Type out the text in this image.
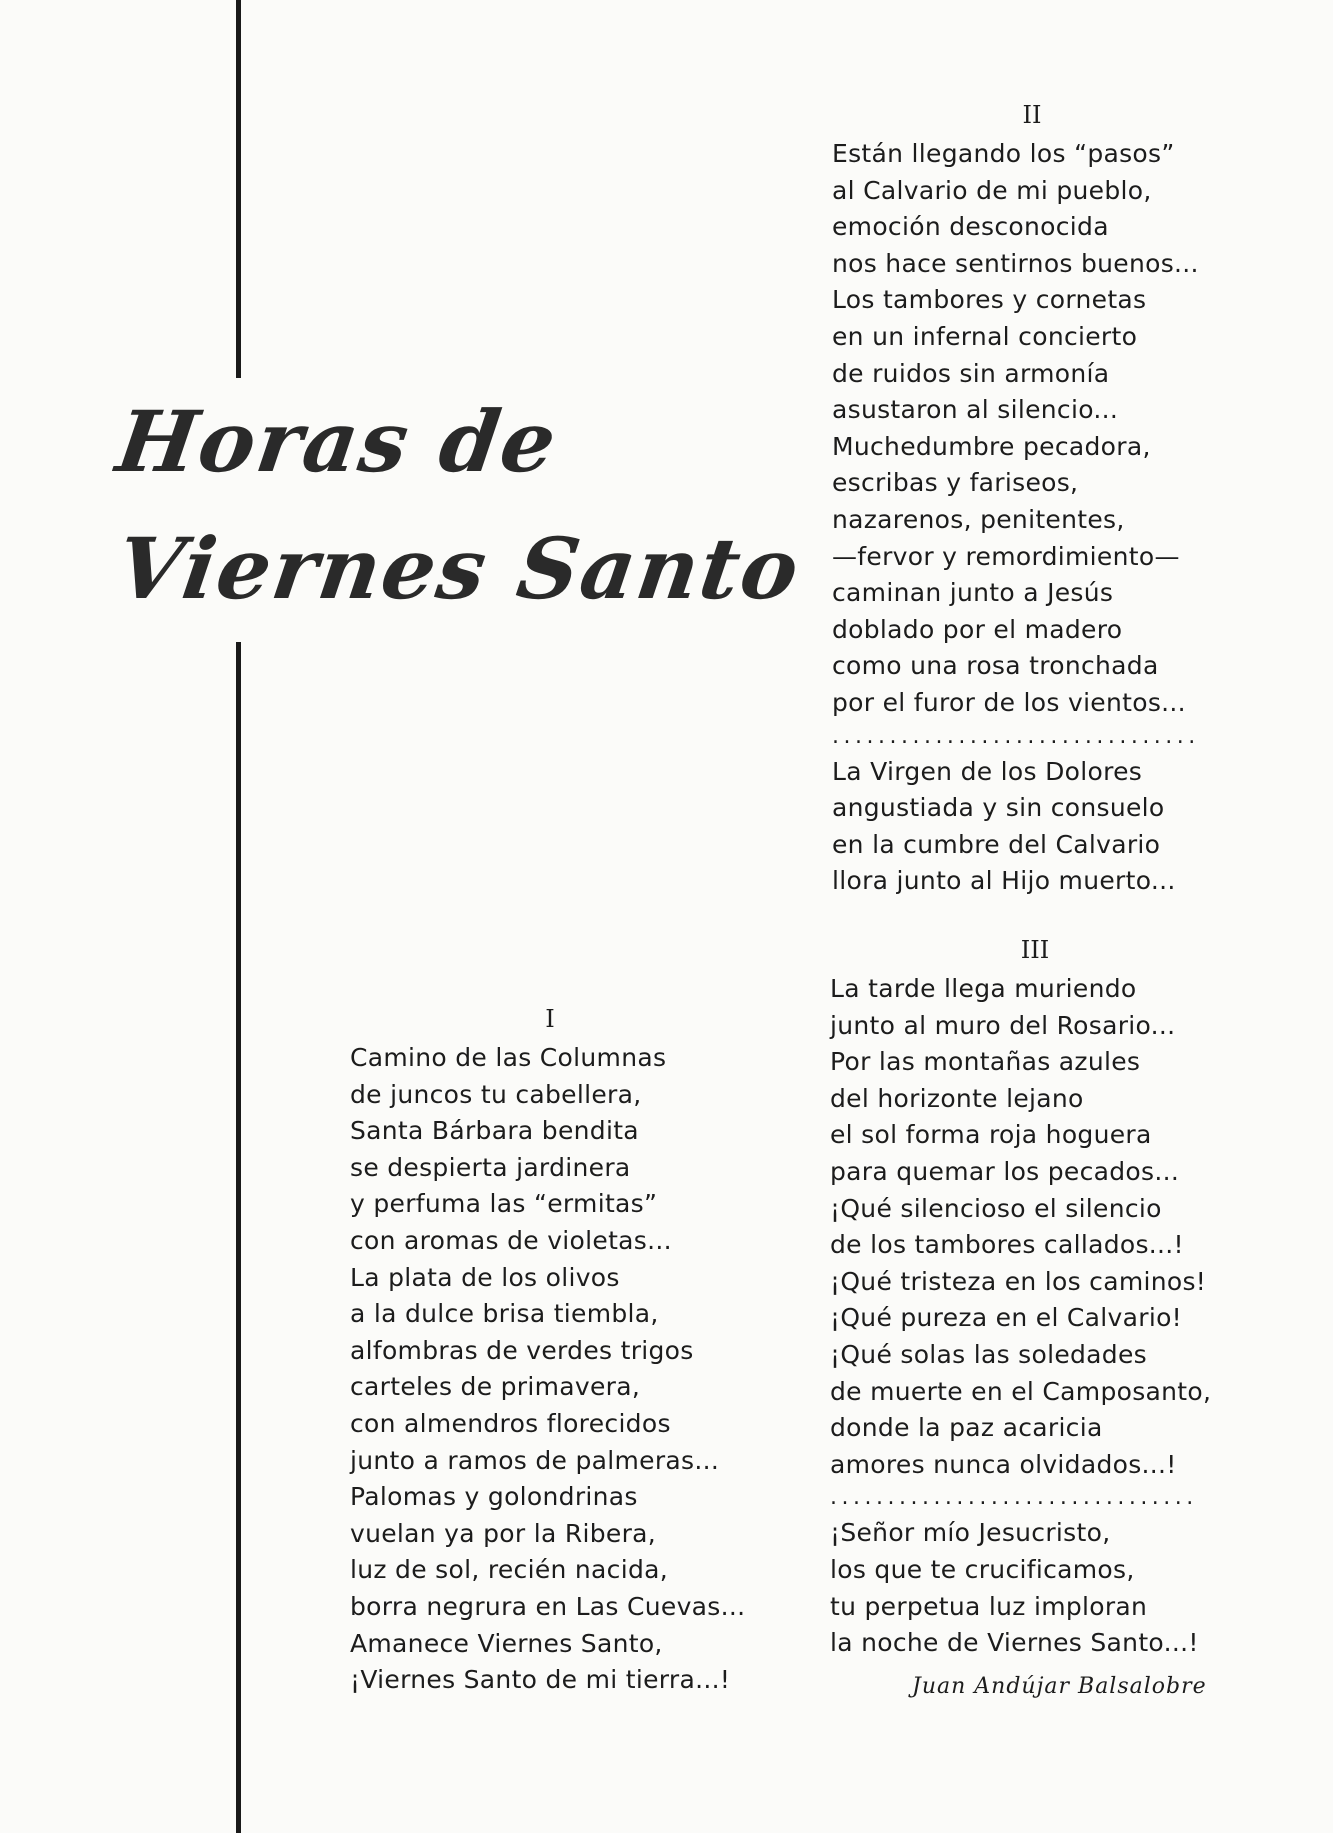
Horas de
Viernes Santo
II
Están llegando los “pasos”
al Calvario de mi pueblo,
emoción desconocida
nos hace sentirnos buenos...
Los tambores y cornetas
en un infernal concierto
de ruidos sin armonía
asustaron al silencio...
Muchedumbre pecadora,
escribas y fariseos,
nazarenos, penitentes,
—fervor y remordimiento—
caminan junto a Jesús
doblado por el madero
como una rosa tronchada
por el furor de los vientos...
................................
La Virgen de los Dolores
angustiada y sin consuelo
en la cumbre del Calvario
llora junto al Hijo muerto...
III
La tarde llega muriendo
junto al muro del Rosario...
Por las montañas azules
del horizonte lejano
el sol forma roja hoguera
para quemar los pecados...
¡Qué silencioso el silencio
de los tambores callados...!
¡Qué tristeza en los caminos!
¡Qué pureza en el Calvario!
¡Qué solas las soledades
de muerte en el Camposanto,
donde la paz acaricia
amores nunca olvidados...!
................................
¡Señor mío Jesucristo,
los que te crucificamos,
tu perpetua luz imploran
la noche de Viernes Santo...!
I
Camino de las Columnas
de juncos tu cabellera,
Santa Bárbara bendita
se despierta jardinera
y perfuma las “ermitas”
con aromas de violetas...
La plata de los olivos
a la dulce brisa tiembla,
alfombras de verdes trigos
carteles de primavera,
con almendros florecidos
junto a ramos de palmeras...
Palomas y golondrinas
vuelan ya por la Ribera,
luz de sol, recién nacida,
borra negrura en Las Cuevas...
Amanece Viernes Santo,
¡Viernes Santo de mi tierra...!	Juan Andújar Balsalobre
